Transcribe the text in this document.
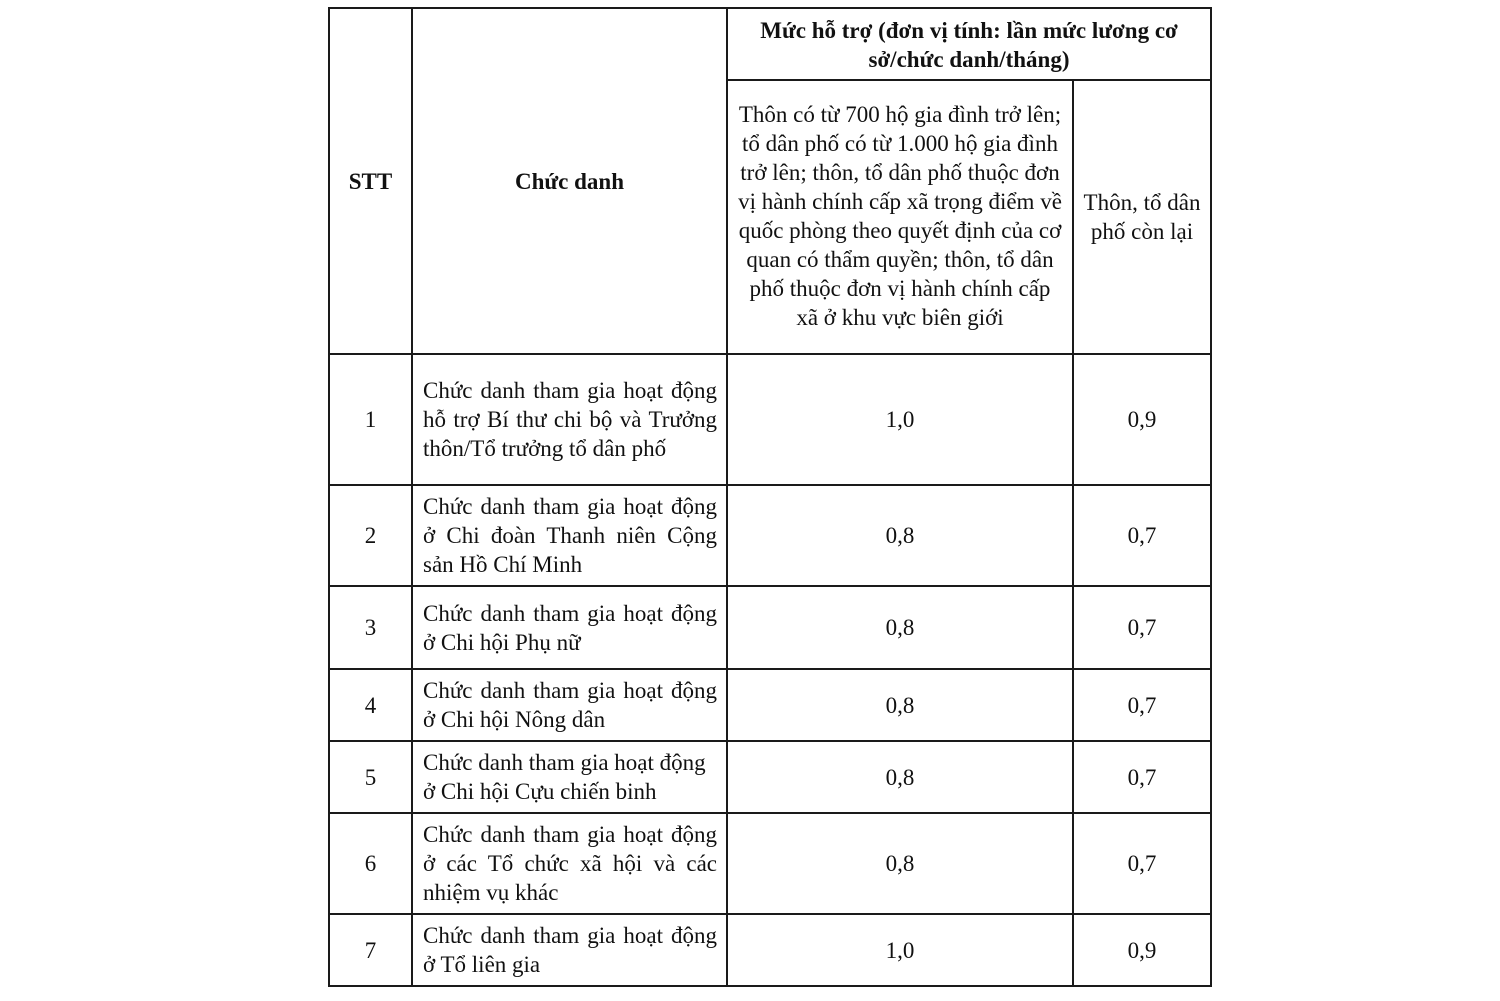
STT	Chức danh	Mức hỗ trợ (đơn vị tính: lần mức lương cơ sở/chức danh/tháng)	
		Thôn có từ 700 hộ gia đình trở lên; tổ dân phố có từ 1.000 hộ gia đình trở lên; thôn, tổ dân phố thuộc đơn vị hành chính cấp xã trọng điểm về quốc phòng theo quyết định của cơ quan có thẩm quyền; thôn, tổ dân phố thuộc đơn vị hành chính cấp xã ở khu vực biên giới	Thôn, tổ dân phố còn lại
1	Chức danh tham gia hoạt động hỗ trợ Bí thư chi bộ và Trưởng thôn/Tổ trưởng tổ dân phố	1,0	0,9
2	Chức danh tham gia hoạt động ở Chi đoàn Thanh niên Cộng sản Hồ Chí Minh	0,8	0,7
3	Chức danh tham gia hoạt động ở Chi hội Phụ nữ	0,8	0,7
4	Chức danh tham gia hoạt động ở Chi hội Nông dân	0,8	0,7
5	Chức danh tham gia hoạt động ở Chi hội Cựu chiến binh	0,8	0,7
6	Chức danh tham gia hoạt động ở các Tổ chức xã hội và các nhiệm vụ khác	0,8	0,7
7	Chức danh tham gia hoạt động ở Tổ liên gia	1,0	0,9
